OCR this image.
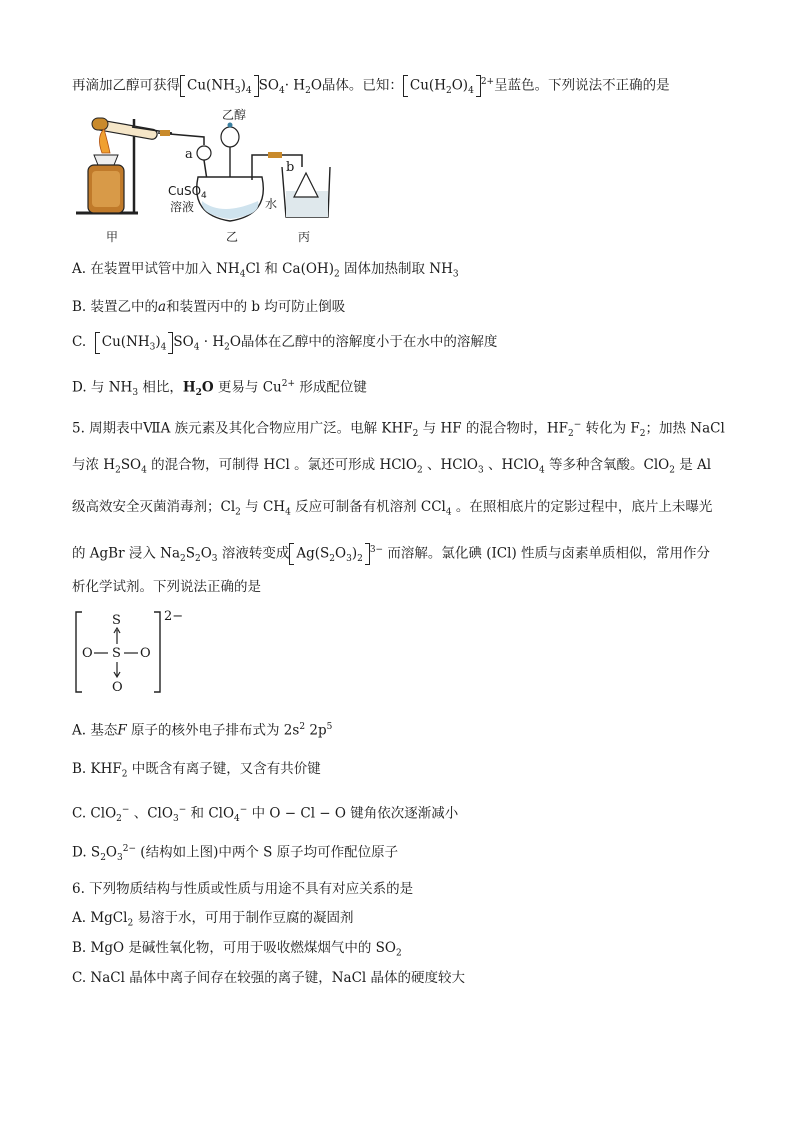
再滴加乙醇可获得 $Cu(NH_3)_4$ $SO_4\cdot H_2O$晶体。已知： $Cu(H_2O)_4^{2+}$呈蓝色。下列说法不正确的是
乙醇
a
b
CuSO$_4$
溶液	水
甲	乙	丙
A. 在装置甲试管中加入 $NH_4Cl$ 和 $Ca(OH)_2$ 固体加热制取 $NH_3$
B. 装置乙中的a和装置丙中的 b 均可防止倒吸
C. $Cu(NH_3)_4$ $SO_4 \cdot H_2O$晶体在乙醇中的溶解度小于在水中的溶解度
D. 与 $NH_3$ 相比，$H_2O$ 更易与 $Cu^{2+}$ 形成配位键
5. 周期表中ⅦA 族元素及其化合物应用广泛。电解 $KHF_2$ 与 HF 的混合物时，$HF_2^-$ 转化为 $F_2$；加热 NaCl
与浓 $H_2SO_4$ 的混合物，可制得 HCl 。氯还可形成 HClO$_2$ 、HClO$_3$ 、HClO$_4$ 等多种含氧酸。ClO$_2$ 是 Al
级高效安全灭菌消毒剂；$Cl_2$ 与 $CH_4$ 反应可制备有机溶剂 CCl$_4$ 。在照相底片的定影过程中，底片上未曝光
的 AgBr 浸入 $Na_2S_2O_3$ 溶液转变成 $Ag(S_2O_3)_2^{3-}$ 而溶解。氯化碘 (ICl) 性质与卤素单质相似，常用作分
析化学试剂。下列说法正确的是
S
O S O
O
2−
A. 基态F 原子的核外电子排布式为 $2s^2$ $2p^5$
B. $KHF_2$ 中既含有离子键，又含有共价键
C. ClO$_2$− 、ClO$_3$− 和 ClO$_4$− 中 O − Cl − O 键角依次逐渐减小
D. $S_2O_3^{2-}$ (结构如上图)中两个 S 原子均可作配位原子
6. 下列物质结构与性质或性质与用途不具有对应关系的是
A. MgCl$_2$ 易溶于水，可用于制作豆腐的凝固剂
B. MgO 是碱性氧化物，可用于吸收燃煤烟气中的 $SO_2$
C. NaCl 晶体中离子间存在较强的离子键，NaCl 晶体的硬度较大
